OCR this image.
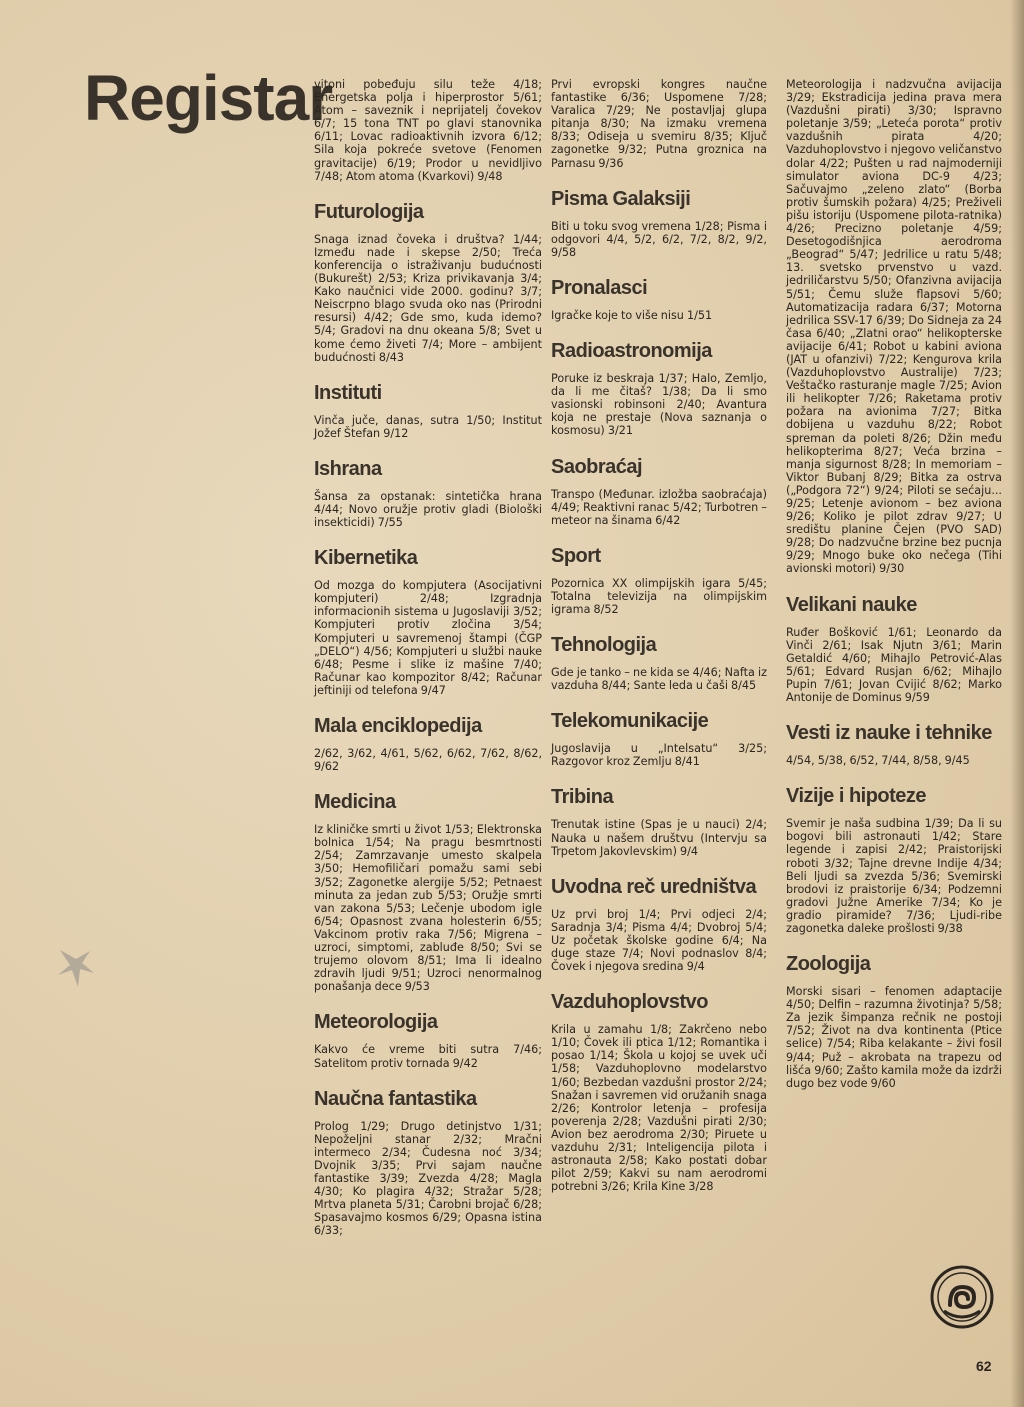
Registar

vitoni pobeđuju silu teže 4/18; Energetska polja i hiperprostor 5/61; Atom – saveznik i neprijatelj čovekov 6/7; 15 tona TNT po glavi stanovnika 6/11; Lovac radioaktivnih izvora 6/12; Sila koja pokreće svetove (Fenomen gravitacije) 6/19; Prodor u nevidljivo 7/48; Atom atoma (Kvarkovi) 9/48

Futurologija

Snaga iznad čoveka i društva? 1/44; Između nade i skepse 2/50; Treća konferencija o istraživanju budućnosti (Bukurešt) 2/53; Kriza privikavanja 3/4; Kako naučnici vide 2000. godinu? 3/7; Neiscrpno blago svuda oko nas (Prirodni resursi) 4/42; Gde smo, kuda idemo? 5/4; Gradovi na dnu okeana 5/8; Svet u kome ćemo živeti 7/4; More – ambijent budućnosti 8/43

Instituti

Vinča juče, danas, sutra 1/50; Institut Jožef Štefan 9/12

Ishrana

Šansa za opstanak: sintetička hrana 4/44; Novo oružje protiv gladi (Biološki insekticidi) 7/55

Kibernetika

Od mozga do kompjutera (Asocijativni kompjuteri) 2/48; Izgradnja informacionih sistema u Jugoslaviji 3/52; Kompjuteri protiv zločina 3/54; Kompjuteri u savremenoj štampi (ČGP „DELO“) 4/56; Kompjuteri u službi nauke 6/48; Pesme i slike iz mašine 7/40; Računar kao kompozitor 8/42; Računar jeftiniji od telefona 9/47

Mala enciklopedija

2/62, 3/62, 4/61, 5/62, 6/62, 7/62, 8/62, 9/62

Medicina

Iz kliničke smrti u život 1/53; Elektronska bolnica 1/54; Na pragu besmrtnosti 2/54; Zamrzavanje umesto skalpela 3/50; Hemofiličari pomažu sami sebi 3/52; Zagonetke alergije 5/52; Petnaest minuta za jedan zub 5/53; Oružje smrti van zakona 5/53; Lečenje ubodom igle 6/54; Opasnost zvana holesterin 6/55; Vakcinom protiv raka 7/56; Migrena – uzroci, simptomi, zabluđe 8/50; Svi se trujemo olovom 8/51; Ima li idealno zdravih ljudi 9/51; Uzroci nenormalnog ponašanja dece 9/53

Meteorologija

Kakvo će vreme biti sutra 7/46; Satelitom protiv tornada 9/42

Naučna fantastika

Prolog 1/29; Drugo detinjstvo 1/31; Nepoželjni stanar 2/32; Mračni intermeco 2/34; Čudesna noć 3/34; Dvojnik 3/35; Prvi sajam naučne fantastike 3/39; Zvezda 4/28; Magla 4/30; Ko plagira 4/32; Stražar 5/28; Mrtva planeta 5/31; Čarobni brojač 6/28; Spasavajmo kosmos 6/29; Opasna istina 6/33;

Prvi evropski kongres naučne fantastike 6/36; Uspomene 7/28; Varalica 7/29; Ne postavljaj glupa pitanja 8/30; Na izmaku vremena 8/33; Odiseja u svemiru 8/35; Ključ zagonetke 9/32; Putna groznica na Parnasu 9/36

Pisma Galaksiji

Biti u toku svog vremena 1/28; Pisma i odgovori 4/4, 5/2, 6/2, 7/2, 8/2, 9/2, 9/58

Pronalasci

Igračke koje to više nisu 1/51

Radioastronomija

Poruke iz beskraja 1/37; Halo, Zemljo, da li me čitaš? 1/38; Da li smo vasionski robinsoni 2/40; Avantura koja ne prestaje (Nova saznanja o kosmosu) 3/21

Saobraćaj

Transpo (Međunar. izložba saobraćaja) 4/49; Reaktivni ranac 5/42; Turbotren – meteor na šinama 6/42

Sport

Pozornica XX olimpijskih igara 5/45; Totalna televizija na olimpijskim igrama 8/52

Tehnologija

Gde je tanko – ne kida se 4/46; Nafta iz vazduha 8/44; Sante leda u čaši 8/45

Telekomunikacije

Jugoslavija u „Intelsatu“ 3/25; Razgovor kroz Zemlju 8/41

Tribina

Trenutak istine (Spas je u nauci) 2/4; Nauka u našem društvu (Intervju sa Trpetom Jakovlevskim) 9/4

Uvodna reč uredništva

Uz prvi broj 1/4; Prvi odjeci 2/4; Saradnja 3/4; Pisma 4/4; Dvobroj 5/4; Uz početak školske godine 6/4; Na duge staze 7/4; Novi podnaslov 8/4; Čovek i njegova sredina 9/4

Vazduhoplovstvo

Krila u zamahu 1/8; Zakrčeno nebo 1/10; Čovek ili ptica 1/12; Romantika i posao 1/14; Škola u kojoj se uvek uči 1/58; Vazduhoplovno modelarstvo 1/60; Bezbedan vazdušni prostor 2/24; Snažan i savremen vid oružanih snaga 2/26; Kontrolor letenja – profesija poverenja 2/28; Vazdušni pirati 2/30; Avion bez aerodroma 2/30; Piruete u vazduhu 2/31; Inteligencija pilota i astronauta 2/58; Kako postati dobar pilot 2/59; Kakvi su nam aerodromi potrebni 3/26; Krila Kine 3/28

Meteorologija i nadzvučna avijacija 3/29; Ekstradicija jedina prava mera (Vazdušni pirati) 3/30; Ispravno poletanje 3/59; „Leteća porota“ protiv vazdušnih pirata 4/20; Vazduhoplovstvo i njegovo veličanstvo dolar 4/22; Pušten u rad najmoderniji simulator aviona DC-9 4/23; Sačuvajmo „zeleno zlato“ (Borba protiv šumskih požara) 4/25; Preživeli pišu istoriju (Uspomene pilota-ratnika) 4/26; Precizno poletanje 4/59; Desetogodišnjica aerodroma „Beograd“ 5/47; Jedrilice u ratu 5/48; 13. svetsko prvenstvo u vazd. jedriličarstvu 5/50; Ofanzivna avijacija 5/51; Čemu služe flapsovi 5/60; Automatizacija radara 6/37; Motorna jedrilica SSV-17 6/39; Do Sidneja za 24 časa 6/40; „Zlatni orao“ helikopterske avijacije 6/41; Robot u kabini aviona (JAT u ofanzivi) 7/22; Kengurova krila (Vazduhoplovstvo Australije) 7/23; Veštačko rasturanje magle 7/25; Avion ili helikopter 7/26; Raketama protiv požara na avionima 7/27; Bitka dobijena u vazduhu 8/22; Robot spreman da poleti 8/26; Džin među helikopterima 8/27; Veća brzina – manja sigurnost 8/28; In memoriam – Viktor Bubanj 8/29; Bitka za ostrva („Podgora 72“) 9/24; Piloti se sećaju... 9/25; Letenje avionom – bez aviona 9/26; Koliko je pilot zdrav 9/27; U središtu planine Čejen (PVO SAD) 9/28; Do nadzvučne brzine bez pucnja 9/29; Mnogo buke oko nečega (Tihi avionski motori) 9/30

Velikani nauke

Ruđer Bošković 1/61; Leonardo da Vinči 2/61; Isak Njutn 3/61; Marin Getaldić 4/60; Mihajlo Petrović-Alas 5/61; Edvard Rusjan 6/62; Mihajlo Pupin 7/61; Jovan Cvijić 8/62; Marko Antonije de Dominus 9/59

Vesti iz nauke i tehnike

4/54, 5/38, 6/52, 7/44, 8/58, 9/45

Vizije i hipoteze

Svemir je naša sudbina 1/39; Da li su bogovi bili astronauti 1/42; Stare legende i zapisi 2/42; Praistorijski roboti 3/32; Tajne drevne Indije 4/34; Beli ljudi sa zvezda 5/36; Svemirski brodovi iz praistorije 6/34; Podzemni gradovi Južne Amerike 7/34; Ko je gradio piramide? 7/36; Ljudi-ribe zagonetka daleke prošlosti 9/38

Zoologija

Morski sisari – fenomen adaptacije 4/50; Delfin – razumna životinja? 5/58; Za jezik šimpanza rečnik ne postoji 7/52; Život na dva kontinenta (Ptice selice) 7/54; Riba kelakante – živi fosil 9/44; Puž – akrobata na trapezu od lišća 9/60; Zašto kamila može da izdrži dugo bez vode 9/60

62
